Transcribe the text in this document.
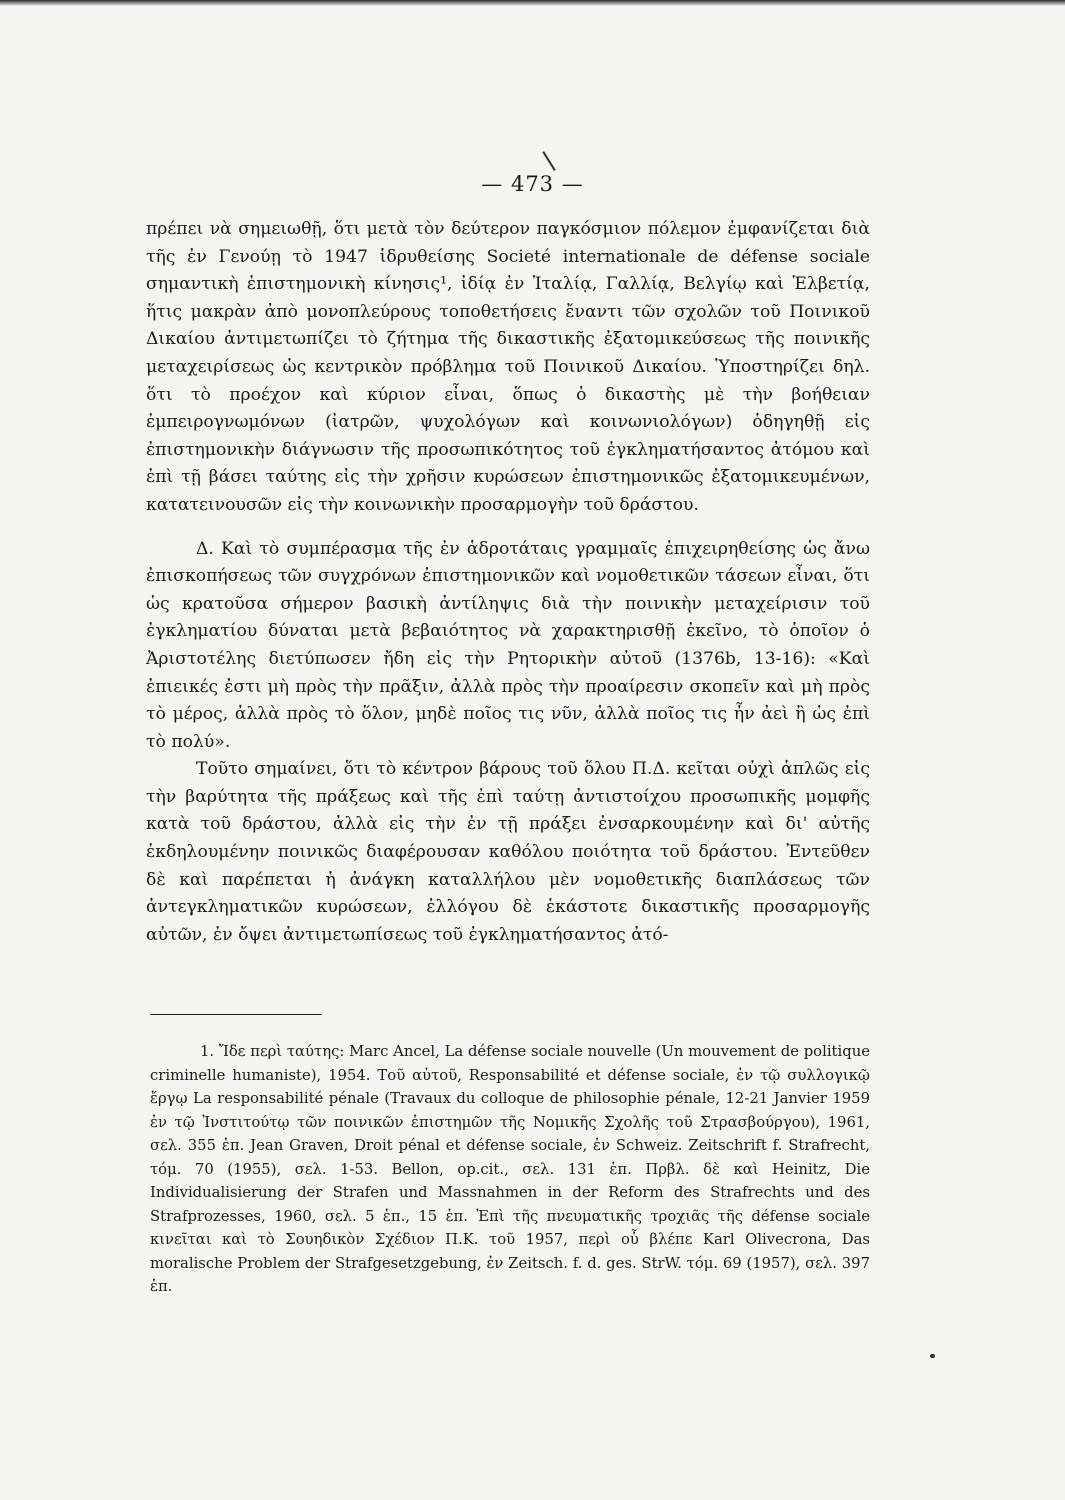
— 473 —

πρέπει νὰ σημειωθῇ, ὅτι μετὰ τὸν δεύτερον παγκόσμιον πόλεμον ἐμφανίζεται διὰ τῆς ἐν Γενούῃ τὸ 1947 ἱδρυθείσης Societé internationale de défense sociale σημαντικὴ ἐπιστημονικὴ κίνησις¹, ἰδίᾳ ἐν Ἰταλίᾳ, Γαλλίᾳ, Βελγίῳ καὶ Ἑλβετίᾳ, ἥτις μακρὰν ἀπὸ μονοπλεύρους τοποθετήσεις ἔναντι τῶν σχολῶν τοῦ Ποινικοῦ Δικαίου ἀντιμετωπίζει τὸ ζήτημα τῆς δικαστικῆς ἐξατομικεύσεως τῆς ποινικῆς μεταχειρίσεως ὡς κεντρικὸν πρόβλημα τοῦ Ποινικοῦ Δικαίου. Ὑποστηρίζει δηλ. ὅτι τὸ προέχον καὶ κύριον εἶναι, ὅπως ὁ δικαστὴς μὲ τὴν βοήθειαν ἐμπειρογνωμόνων (ἰατρῶν, ψυχολόγων καὶ κοινωνιολόγων) ὁδηγηθῇ εἰς ἐπιστημονικὴν διάγνωσιν τῆς προσωπικότητος τοῦ ἐγκληματήσαντος ἀτόμου καὶ ἐπὶ τῇ βάσει ταύτης εἰς τὴν χρῆσιν κυρώσεων ἐπιστημονικῶς ἐξατομικευμένων, κατατεινουσῶν εἰς τὴν κοινωνικὴν προσαρμογὴν τοῦ δράστου.

Δ. Καὶ τὸ συμπέρασμα τῆς ἐν ἁδροτάταις γραμμαῖς ἐπιχειρηθείσης ὡς ἄνω ἐπισκοπήσεως τῶν συγχρόνων ἐπιστημονικῶν καὶ νομοθετικῶν τάσεων εἶναι, ὅτι ὡς κρατοῦσα σήμερον βασικὴ ἀντίληψις διὰ τὴν ποινικὴν μεταχείρισιν τοῦ ἐγκληματίου δύναται μετὰ βεβαιότητος νὰ χαρακτηρισθῇ ἐκεῖνο, τὸ ὁποῖον ὁ Ἀριστοτέλης διετύπωσεν ἤδη εἰς τὴν Ρητορικὴν αὐτοῦ (1376b, 13-16): «Καὶ ἐπιεικές ἐστι μὴ πρὸς τὴν πρᾶξιν, ἀλλὰ πρὸς τὴν προαίρεσιν σκοπεῖν καὶ μὴ πρὸς τὸ μέρος, ἀλλὰ πρὸς τὸ ὅλον, μηδὲ ποῖος τις νῦν, ἀλλὰ ποῖος τις ἦν ἀεὶ ἢ ὡς ἐπὶ τὸ πολύ».

Τοῦτο σημαίνει, ὅτι τὸ κέντρον βάρους τοῦ ὅλου Π.Δ. κεῖται οὐχὶ ἁπλῶς εἰς τὴν βαρύτητα τῆς πράξεως καὶ τῆς ἐπὶ ταύτῃ ἀντιστοίχου προσωπικῆς μομφῆς κατὰ τοῦ δράστου, ἀλλὰ εἰς τὴν ἐν τῇ πράξει ἐνσαρκουμένην καὶ δι' αὐτῆς ἐκδηλουμένην ποινικῶς διαφέρουσαν καθόλου ποιότητα τοῦ δράστου. Ἐντεῦθεν δὲ καὶ παρέπεται ἡ ἀνάγκη καταλλήλου μὲν νομοθετικῆς διαπλάσεως τῶν ἀντεγκληματικῶν κυρώσεων, ἐλλόγου δὲ ἑκάστοτε δικαστικῆς προσαρμογῆς αὐτῶν, ἐν ὄψει ἀντιμετωπίσεως τοῦ ἐγκληματήσαντος ἀτό-

1. Ἴδε περὶ ταύτης: Marc Ancel, La défense sociale nouvelle (Un mouvement de politique criminelle humaniste), 1954. Τοῦ αὐτοῦ, Responsabilité et défense sociale, ἐν τῷ συλλογικῷ ἔργῳ La responsabilité pénale (Travaux du colloque de philosophie pénale, 12-21 Janvier 1959 ἐν τῷ Ἰνστιτούτῳ τῶν ποινικῶν ἐπιστημῶν τῆς Νομικῆς Σχολῆς τοῦ Στρασβούργου), 1961, σελ. 355 ἑπ. Jean Graven, Droit pénal et défense sociale, ἐν Schweiz. Zeitschrift f. Strafrecht, τόμ. 70 (1955), σελ. 1-53. Bellon, op.cit., σελ. 131 ἑπ. Πρβλ. δὲ καὶ Heinitz, Die Individualisierung der Strafen und Massnahmen in der Reform des Strafrechts und des Strafprozesses, 1960, σελ. 5 ἑπ., 15 ἑπ. Ἐπὶ τῆς πνευματικῆς τροχιᾶς τῆς défense sociale κινεῖται καὶ τὸ Σουηδικὸν Σχέδιον Π.Κ. τοῦ 1957, περὶ οὗ βλέπε Karl Olivecrona, Das moralische Problem der Strafgesetzgebung, ἐν Zeitsch. f. d. ges. StrW. τόμ. 69 (1957), σελ. 397 ἑπ.
